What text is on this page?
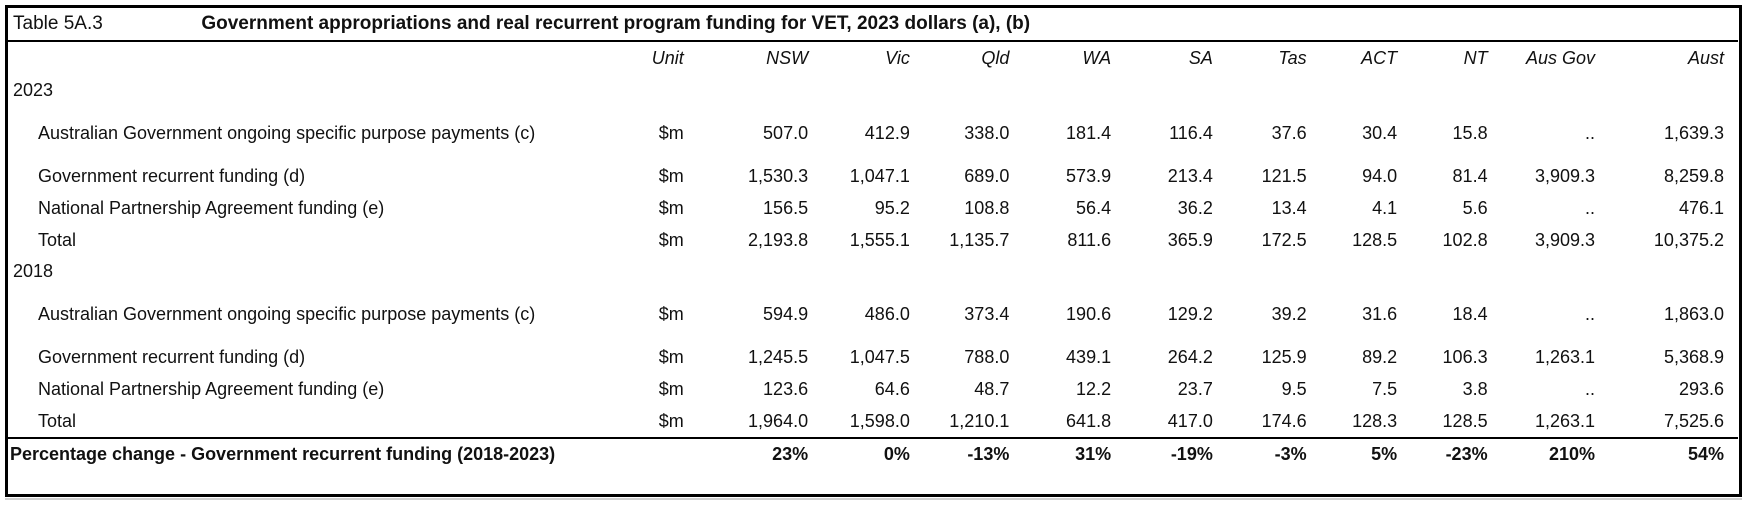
Table 5A.3 Government appropriations and real recurrent program funding for VET, 2023 dollars (a), (b)											
	Unit	NSW	Vic	Qld	WA	SA	Tas	ACT	NT	Aus Gov	Aust
2023											
Australian Government ongoing specific purpose payments (c)	$m	507.0	412.9	338.0	181.4	116.4	37.6	30.4	15.8	..	1,639.3
Government recurrent funding (d)	$m	1,530.3	1,047.1	689.0	573.9	213.4	121.5	94.0	81.4	3,909.3	8,259.8
National Partnership Agreement funding (e)	$m	156.5	95.2	108.8	56.4	36.2	13.4	4.1	5.6	..	476.1
Total	$m	2,193.8	1,555.1	1,135.7	811.6	365.9	172.5	128.5	102.8	3,909.3	10,375.2
2018											
Australian Government ongoing specific purpose payments (c)	$m	594.9	486.0	373.4	190.6	129.2	39.2	31.6	18.4	..	1,863.0
Government recurrent funding (d)	$m	1,245.5	1,047.5	788.0	439.1	264.2	125.9	89.2	106.3	1,263.1	5,368.9
National Partnership Agreement funding (e)	$m	123.6	64.6	48.7	12.2	23.7	9.5	7.5	3.8	..	293.6
Total	$m	1,964.0	1,598.0	1,210.1	641.8	417.0	174.6	128.3	128.5	1,263.1	7,525.6
Percentage change - Government recurrent funding (2018-2023)		23%	0%	-13%	31%	-19%	-3%	5%	-23%	210%	54%
